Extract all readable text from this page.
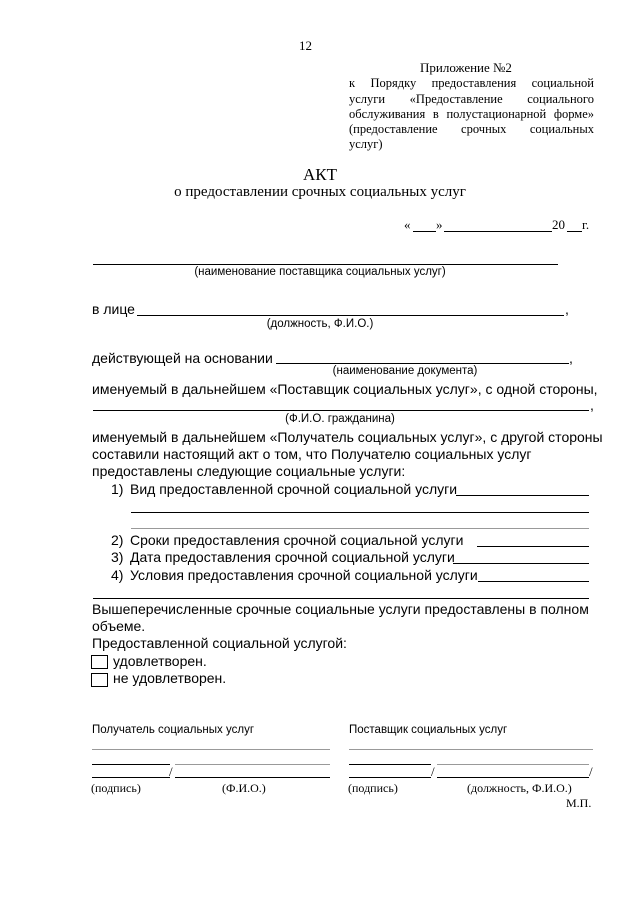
12
Приложение №2
к Порядку предоставления социальной
услуги «Предоставление социального
обслуживания в полустационарной форме»
(предоставление срочных социальных
услуг)
АКТ
о предоставлении срочных социальных услуг
« »	20 г.
(наименование поставщика социальных услуг)
в лице	,
(должность, Ф.И.О.)
действующей на основании	,
(наименование документа)
именуемый в дальнейшем «Поставщик социальных услуг», с одной стороны,
,
(Ф.И.О. гражданина)
именуемый в дальнейшем «Получатель социальных услуг», с другой стороны
составили настоящий акт о том, что Получателю социальных услуг
предоставлены следующие социальные услуги:
1) Вид предоставленной срочной социальной услуги
2) Сроки предоставления срочной социальной услуги
3) Дата предоставления срочной социальной услуги
4) Условия предоставления срочной социальной услуги
Вышеперечисленные срочные социальные услуги предоставлены в полном
объеме.
Предоставленной социальной услугой:
удовлетворен.
не удовлетворен.
Получатель социальных услуг
/
(подпись)	(Ф.И.О.)
Поставщик социальных услуг
/	/
(подпись)	(должность, Ф.И.О.)
М.П.
